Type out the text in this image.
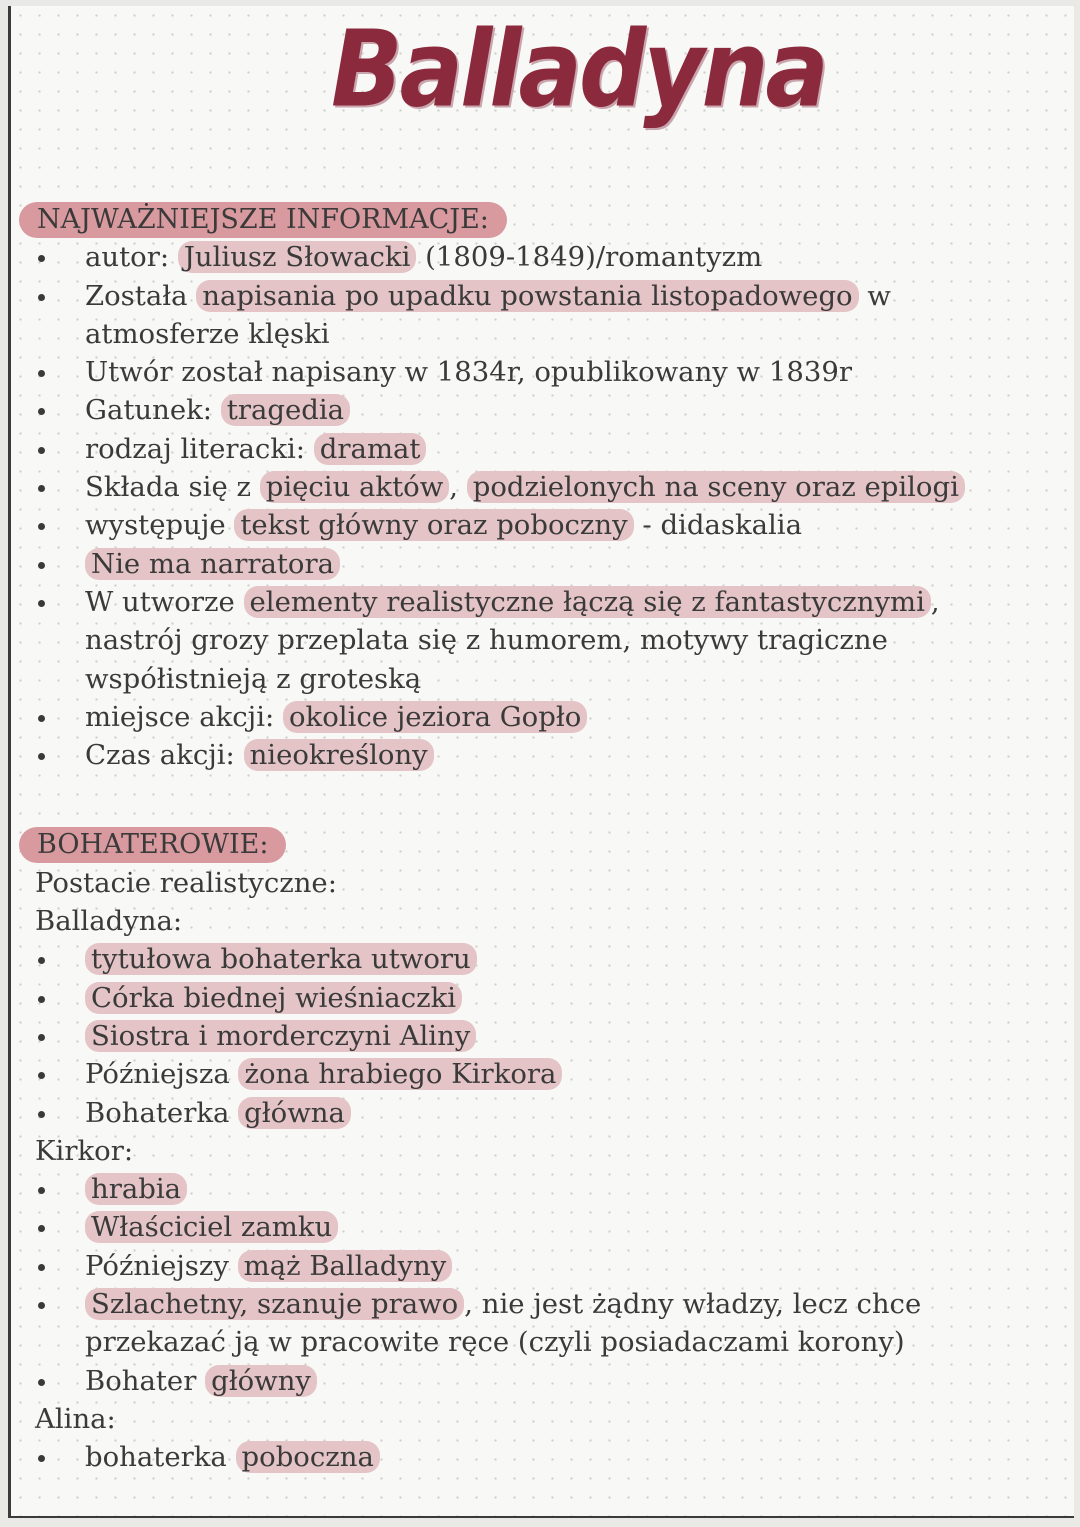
Balladyna
NAJWAŻNIEJSZE INFORMACJE:
autor: Juliusz Słowacki (1809-1849)/romantyzm
Została napisania po upadku powstania listopadowego w atmosferze klęski
Utwór został napisany w 1834r, opublikowany w 1839r
Gatunek: tragedia
rodzaj literacki: dramat
Składa się z pięciu aktów , podzielonych na sceny oraz epilogi
występuje tekst główny oraz poboczny - didaskalia
Nie ma narratora
W utworze elementy realistyczne łączą się z fantastycznymi , nastrój grozy przeplata się z humorem, motywy tragiczne współistnieją z groteską
miejsce akcji: okolice jeziora Gopło
Czas akcji: nieokreślony
BOHATEROWIE:
Postacie realistyczne:
Balladyna:
tytułowa bohaterka utworu
Córka biednej wieśniaczki
Siostra i morderczyni Aliny
Późniejsza żona hrabiego Kirkora
Bohaterka główna
Kirkor:
hrabia
Właściciel zamku
Późniejszy mąż Balladyny
Szlachetny, szanuje prawo , nie jest żądny władzy, lecz chce przekazać ją w pracowite ręce (czyli posiadaczami korony)
Bohater główny
Alina:
bohaterka poboczna
